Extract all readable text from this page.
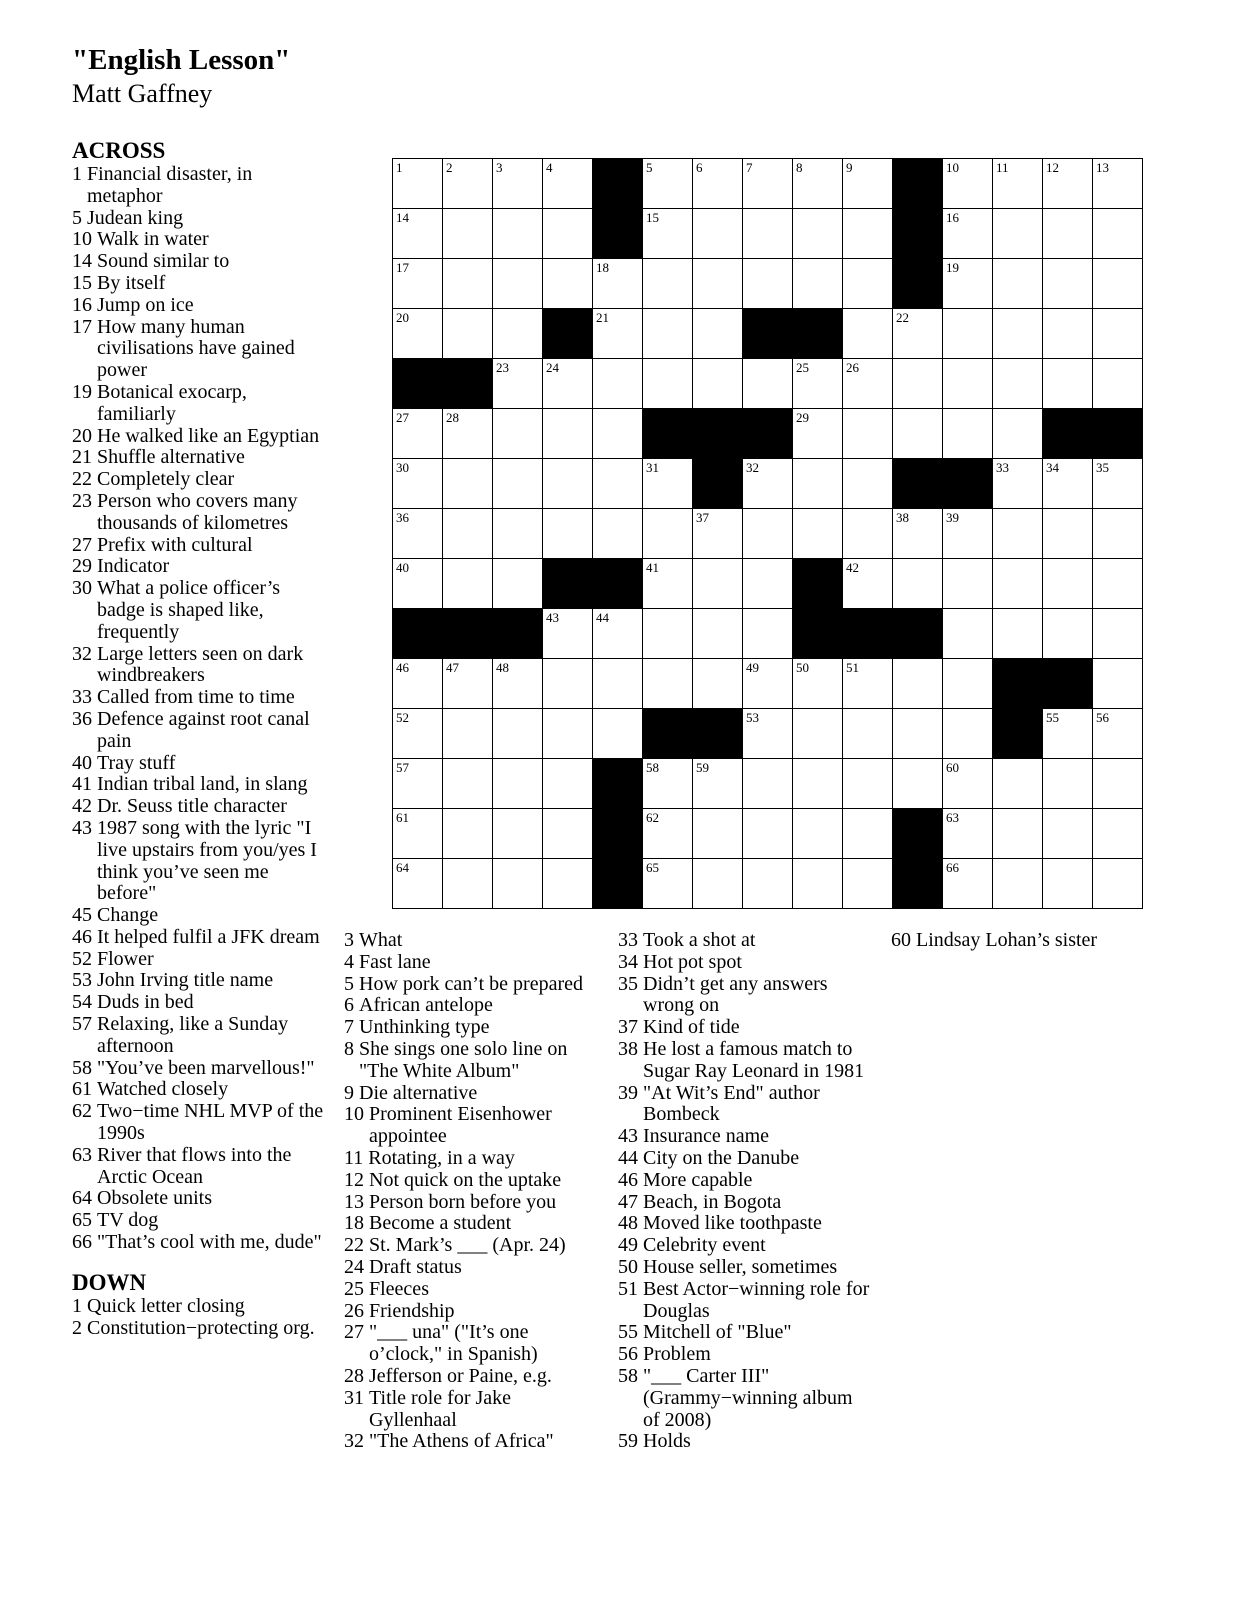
"English Lesson"
Matt Gaffney
ACROSS
1 Financial disaster, in metaphor
5 Judean king
10 Walk in water
14 Sound similar to
15 By itself
16 Jump on ice
17 How many human civilisations have gained power
19 Botanical exocarp, familiarly
20 He walked like an Egyptian
21 Shuffle alternative
22 Completely clear
23 Person who covers many thousands of kilometres
27 Prefix with cultural
29 Indicator
30 What a police officer’s badge is shaped like, frequently
32 Large letters seen on dark windbreakers
33 Called from time to time
36 Defence against root canal pain
40 Tray stuff
41 Indian tribal land, in slang
42 Dr. Seuss title character
43 1987 song with the lyric "I live upstairs from you/yes I think you’ve seen me before"
45 Change
46 It helped fulfil a JFK dream
52 Flower
53 John Irving title name
54 Duds in bed
57 Relaxing, like a Sunday afternoon
58 "You’ve been marvellous!"
61 Watched closely
62 Two−time NHL MVP of the 1990s
63 River that flows into the Arctic Ocean
64 Obsolete units
65 TV dog
66 "That’s cool with me, dude"
DOWN
1 Quick letter closing
2 Constitution−protecting org.
3 What
4 Fast lane
5 How pork can’t be prepared
6 African antelope
7 Unthinking type
8 She sings one solo line on "The White Album"
9 Die alternative
10 Prominent Eisenhower appointee
11 Rotating, in a way
12 Not quick on the uptake
13 Person born before you
18 Become a student
22 St. Mark’s ___ (Apr. 24)
24 Draft status
25 Fleeces
26 Friendship
27 "___ una" ("It’s one o’clock," in Spanish)
28 Jefferson or Paine, e.g.
31 Title role for Jake Gyllenhaal
32 "The Athens of Africa"
33 Took a shot at
34 Hot pot spot
35 Didn’t get any answers wrong on
37 Kind of tide
38 He lost a famous match to Sugar Ray Leonard in 1981
39 "At Wit’s End" author Bombeck
43 Insurance name
44 City on the Danube
46 More capable
47 Beach, in Bogota
48 Moved like toothpaste
49 Celebrity event
50 House seller, sometimes
51 Best Actor−winning role for Douglas
55 Mitchell of "Blue"
56 Problem
58 "___ Carter III" (Grammy−winning album of 2008)
59 Holds
60 Lindsay Lohan’s sister
1	2	3	4	5	6	7	8	9	10	11	12	13
14	15	16
17	18	19
20	21	22
23	24	25	26
27	28	29
30	31	32	33	34	35
36	37	38	39
40	41	42
43	44	45
46	47	48	49	50	51
52	53	54	55	56
57	58	59	60
61	62	63
64	65	66
